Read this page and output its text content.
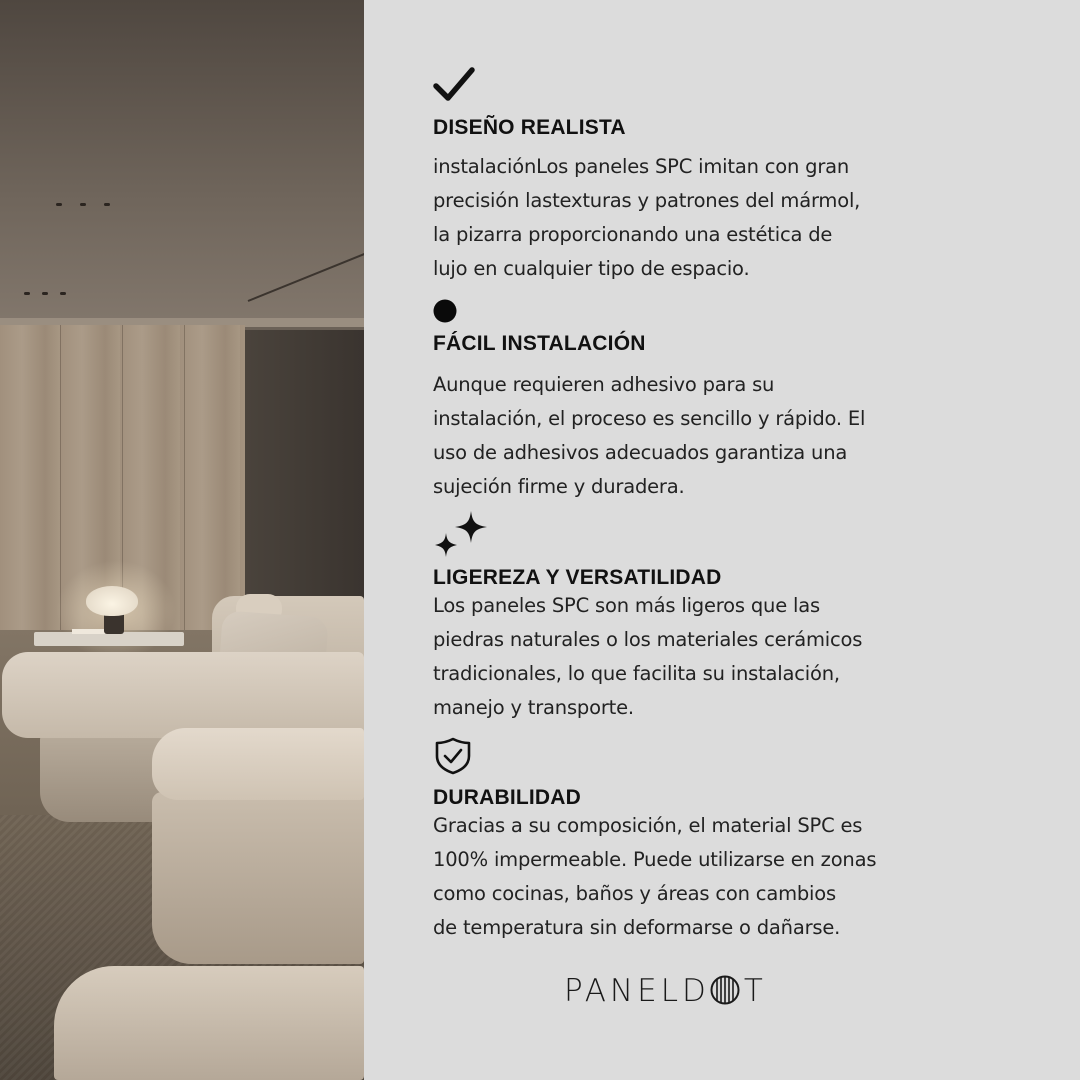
DISEÑO REALISTA
instalaciónLos paneles SPC imitan con gran
precisión lastexturas y patrones del mármol,
la pizarra proporcionando una estética de
lujo en cualquier tipo de espacio.
FÁCIL INSTALACIÓN
Aunque requieren adhesivo para su
instalación, el proceso es sencillo y rápido. El
uso de adhesivos adecuados garantiza una
sujeción firme y duradera.
LIGEREZA Y VERSATILIDAD
Los paneles SPC son más ligeros que las
piedras naturales o los materiales cerámicos
tradicionales, lo que facilita su instalación,
manejo y transporte.
DURABILIDAD
Gracias a su composición, el material SPC es
100% impermeable. Puede utilizarse en zonas
como cocinas, baños y áreas con cambios
de temperatura sin deformarse o dañarse.
PANELD T
